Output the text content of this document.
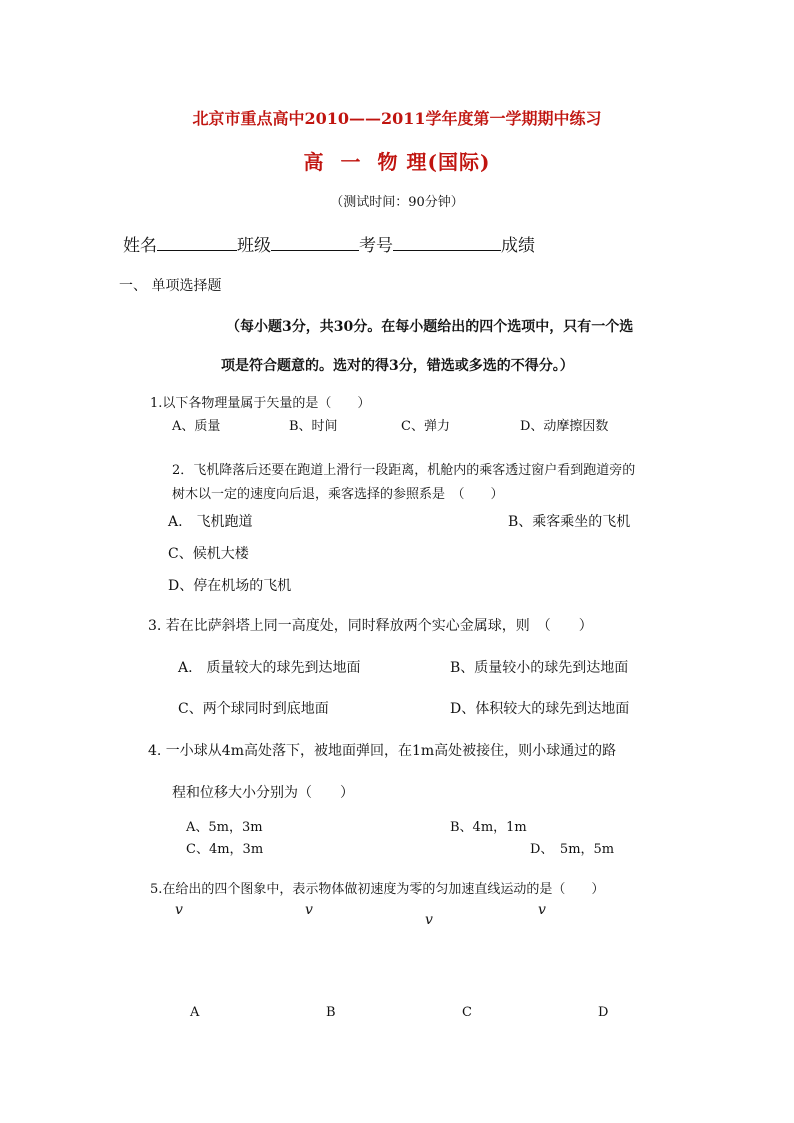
北京市重点高中2010——2011学年度第一学期期中练习
高 一 物 理(国际)
（测试时间：90分钟）
姓名	班级	考号	成绩
一、 单项选择题
（每小题3分，共30分。在每小题给出的四个选项中，只有一个选
项是符合题意的。选对的得3分，错选或多选的不得分。）
1.以下各物理量属于矢量的是（　　）
A、质量	B、时间	C、弹力	D、动摩擦因数
2．飞机降落后还要在跑道上滑行一段距离，机舱内的乘客透过窗户看到跑道旁的
树木以一定的速度向后退，乘客选择的参照系是　（　　）
A.　飞机跑道	B、乘客乘坐的飞机
C、候机大楼
D、停在机场的飞机
3. 若在比萨斜塔上同一高度处，同时释放两个实心金属球，则　（　　）
A.　质量较大的球先到达地面	B、质量较小的球先到达地面
C、两个球同时到底地面	D、体积较大的球先到达地面
4. 一小球从4m高处落下，被地面弹回，在1m高处被接住，则小球通过的路
程和位移大小分别为（　　）
A、5m，3m	B、4m，1m
C、4m，3m	D、　5m，5m
5.在给出的四个图象中，表示物体做初速度为零的匀加速直线运动的是（　　）
v	v
v
v
A	B	C	D
